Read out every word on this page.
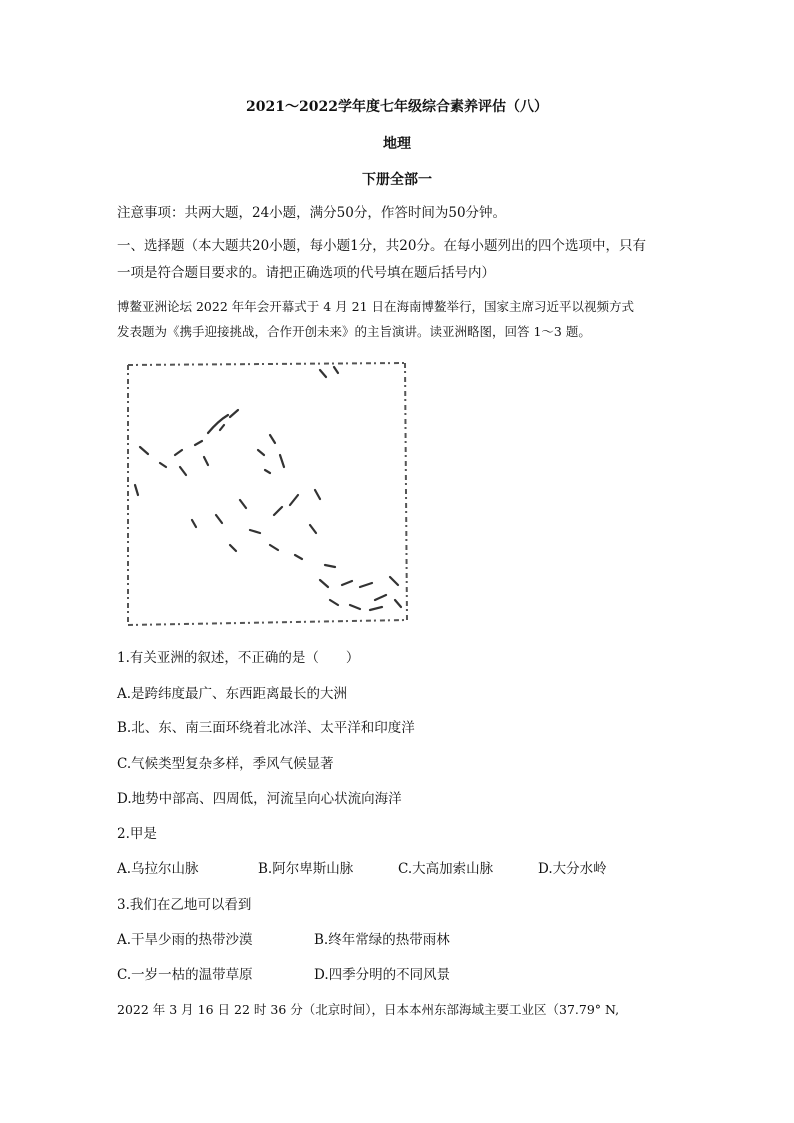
2021～2022学年度七年级综合素养评估（八）
地理
下册全部一
注意事项：共两大题，24小题，满分50分，作答时间为50分钟。
一、选择题（本大题共20小题，每小题1分，共20分。在每小题列出的四个选项中，只有
一项是符合题目要求的。请把正确选项的代号填在题后括号内）
博鳌亚洲论坛 2022 年年会开幕式于 4 月 21 日在海南博鳌举行，国家主席习近平以视频方式
发表题为《携手迎接挑战，合作开创未来》的主旨演讲。读亚洲略图，回答 1～3 题。
1.有关亚洲的叙述，不正确的是（　　）
A.是跨纬度最广、东西距离最长的大洲
B.北、东、南三面环绕着北冰洋、太平洋和印度洋
C.气候类型复杂多样，季风气候显著
D.地势中部高、四周低，河流呈向心状流向海洋
2.甲是
A.乌拉尔山脉	B.阿尔卑斯山脉	C.大高加索山脉	D.大分水岭
3.我们在乙地可以看到
A.干旱少雨的热带沙漠	B.终年常绿的热带雨林
C.一岁一枯的温带草原	D.四季分明的不同风景
2022 年 3 月 16 日 22 时 36 分（北京时间），日本本州东部海域主要工业区（37.79° N,
